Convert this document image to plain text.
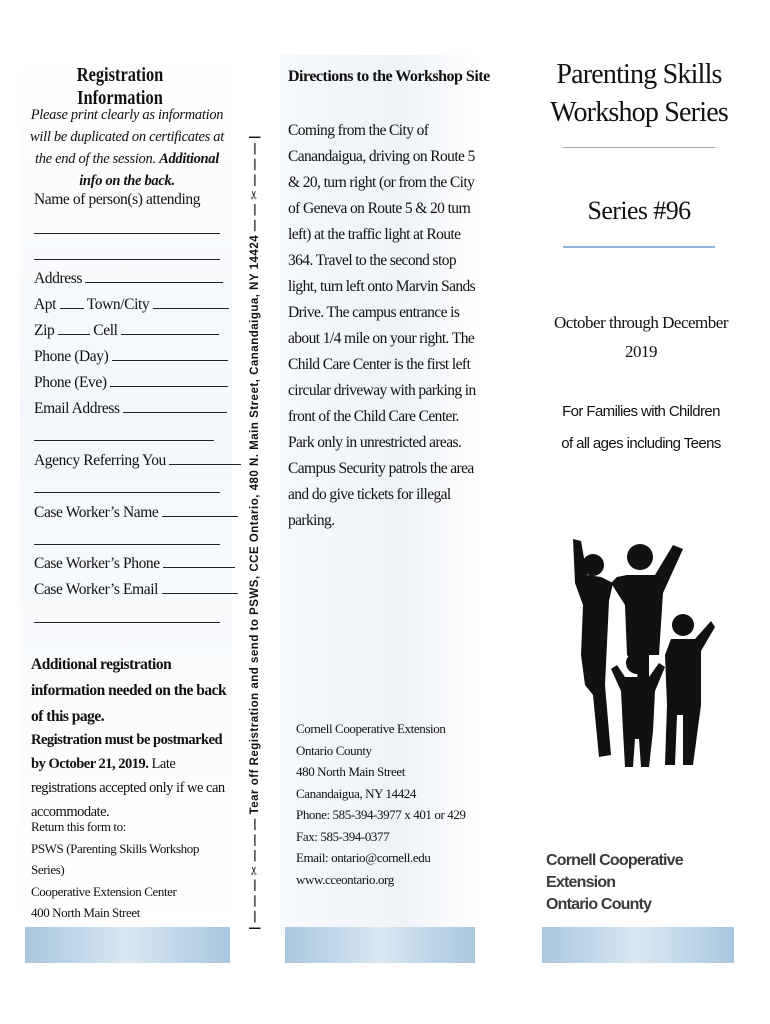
Registration Information
Please print clearly as information will be duplicated on certificates at the end of the session. Additional info on the back.
Name of person(s) attending
Address
Apt Town/City
Zip	Cell
Phone (Day)
Phone (Eve)
Email Address
Agency Referring You
Case Worker’s Name
Case Worker’s Phone
Case Worker’s Email
Additional registration information needed on the back of this page.
Registration must be postmarked by October 21, 2019. Late registrations accepted only if we can accommodate.
Return this form to:
PSWS (Parenting Skills Workshop Series)
Cooperative Extension Center
400 North Main Street	| — — — ✂ — — — Tear off Registration and send to PSWS, CCE Ontario, 480 N. Main Street, Canandaigua, NY 14424 — — ✂ — — — |
Directions to the Workshop Site
Coming from the City of Canandaigua, driving on Route 5 & 20, turn right (or from the City of Geneva on Route 5 & 20 turn left) at the traffic light at Route 364. Travel to the second stop light, turn left onto Marvin Sands Drive. The campus entrance is about 1/4 mile on your right. The Child Care Center is the first left circular driveway with parking in front of the Child Care Center. Park only in unrestricted areas. Campus Security patrols the area and do give tickets for illegal parking.
Cornell Cooperative Extension
Ontario County
480 North Main Street
Canandaigua, NY 14424
Phone: 585-394-3977 x 401 or 429
Fax: 585-394-0377
Email: ontario@cornell.edu
www.cceontario.org
Parenting Skills
Workshop Series
Series #96
October through December
2019
For Families with Children
of all ages including Teens
Cornell Cooperative Extension
Ontario County
